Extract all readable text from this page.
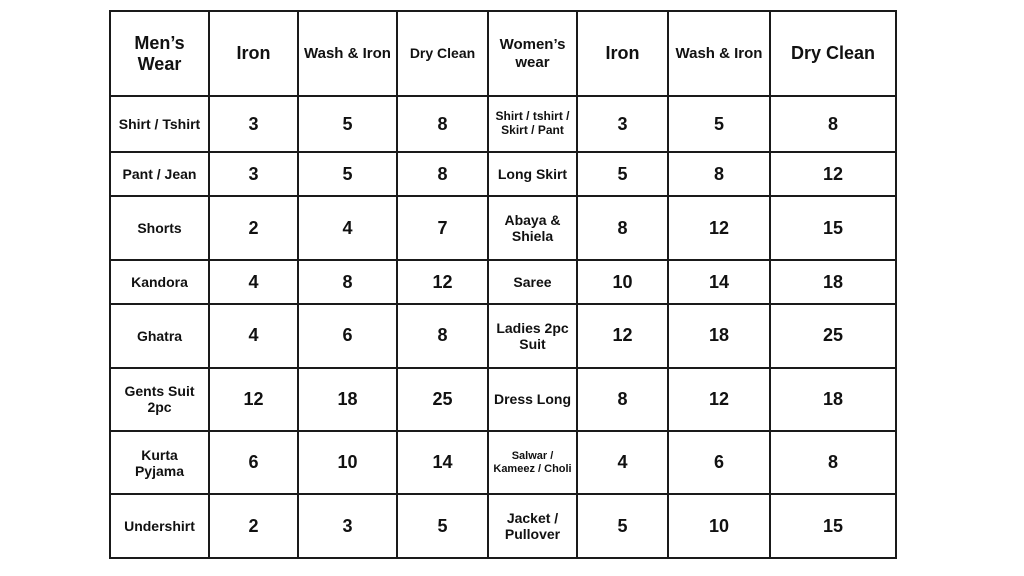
Men’s Wear	Iron	Wash & Iron	Dry Clean	Women’s wear	Iron	Wash & Iron	Dry Clean
Shirt / Tshirt	3	5	8	Shirt / tshirt / Skirt / Pant	3	5	8
Pant / Jean	3	5	8	Long Skirt	5	8	12
Shorts	2	4	7	Abaya & Shiela	8	12	15
Kandora	4	8	12	Saree	10	14	18
Ghatra	4	6	8	Ladies 2pc Suit	12	18	25
Gents Suit 2pc	12	18	25	Dress Long	8	12	18
Kurta Pyjama	6	10	14	Salwar / Kameez / Choli	4	6	8
Undershirt	2	3	5	Jacket / Pullover	5	10	15
